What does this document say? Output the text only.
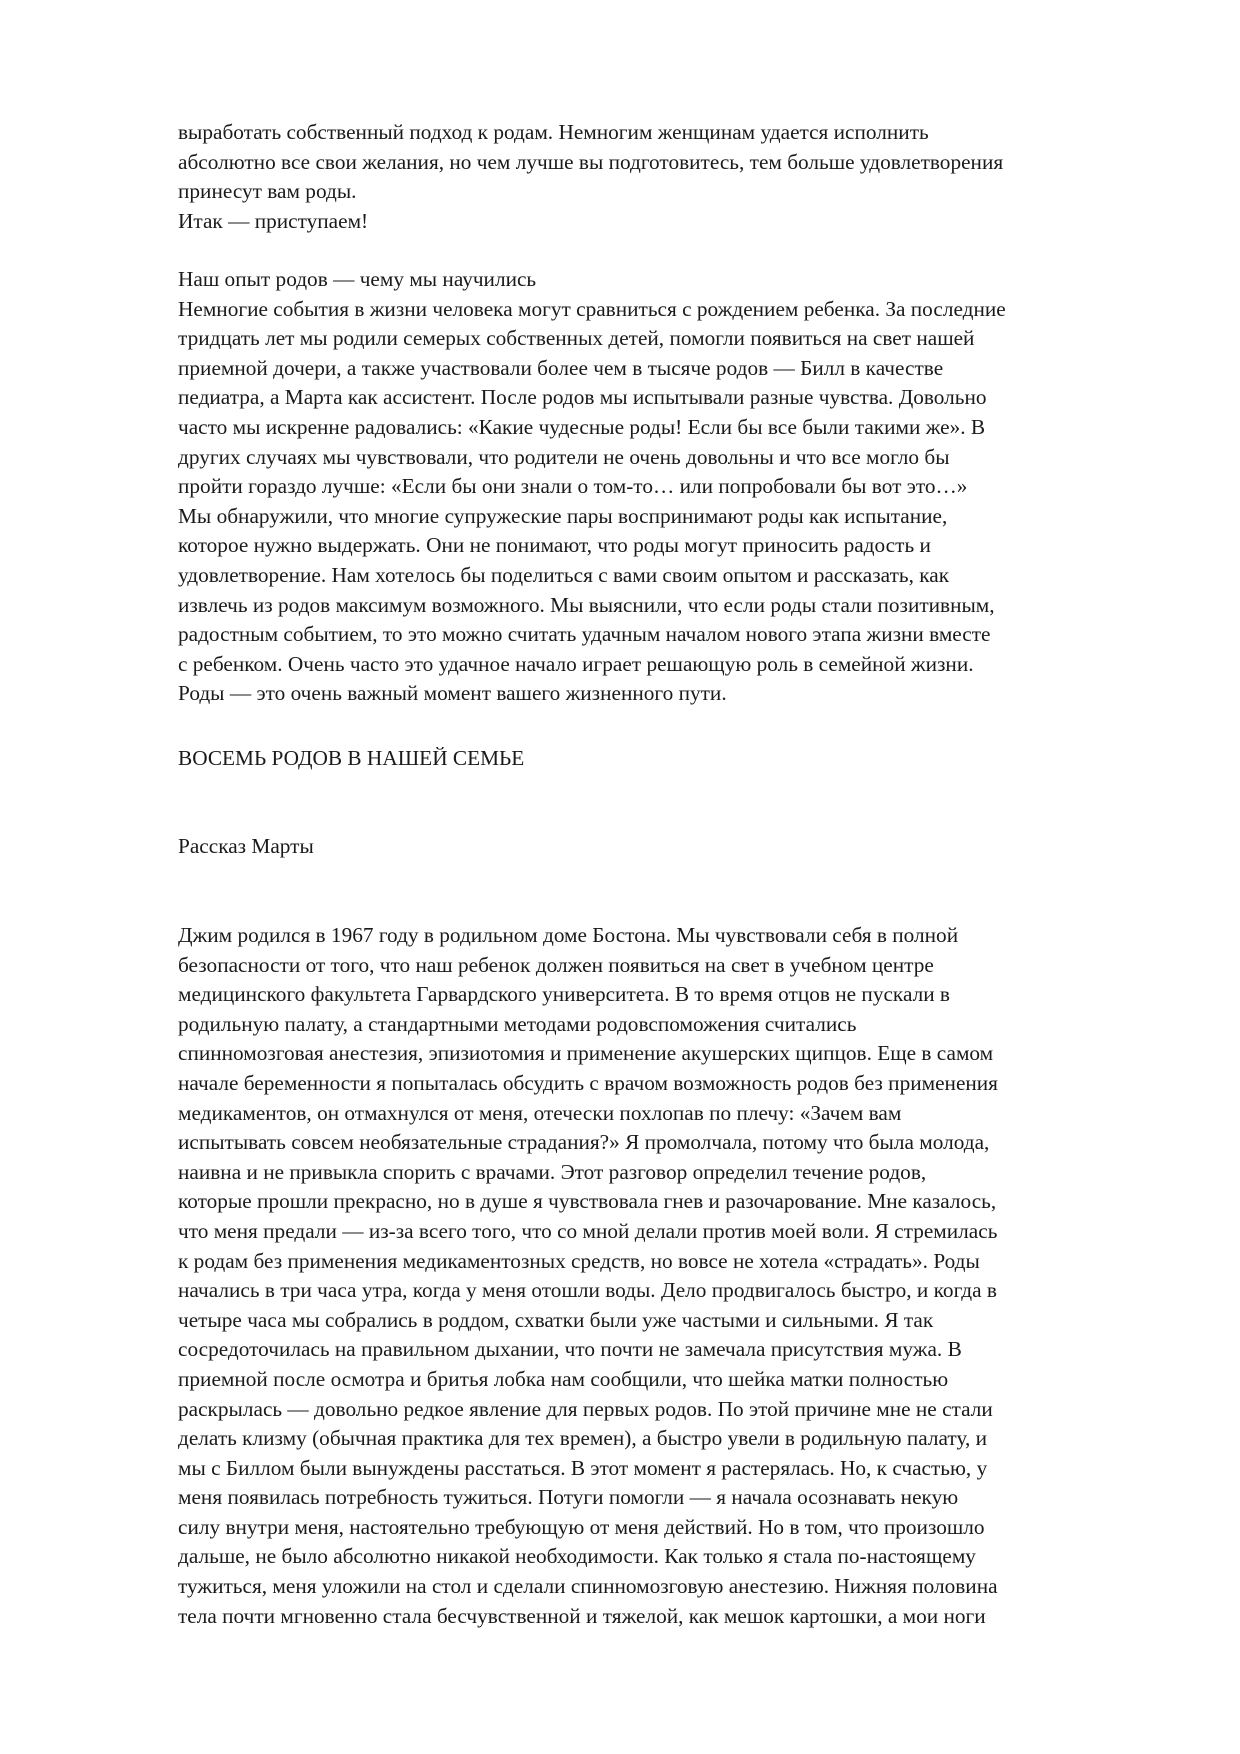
выработать собственный подход к родам. Немногим женщинам удается исполнить
абсолютно все свои желания, но чем лучше вы подготовитесь, тем больше удовлетворения
принесут вам роды.
Итак — приступаем!
Наш опыт родов — чему мы научились
Немногие события в жизни человека могут сравниться с рождением ребенка. За последние
тридцать лет мы родили семерых собственных детей, помогли появиться на свет нашей
приемной дочери, а также участвовали более чем в тысяче родов — Билл в качестве
педиатра, а Марта как ассистент. После родов мы испытывали разные чувства. Довольно
часто мы искренне радовались: «Какие чудесные роды! Если бы все были такими же». В
других случаях мы чувствовали, что родители не очень довольны и что все могло бы
пройти гораздо лучше: «Если бы они знали о том-то… или попробовали бы вот это…»
Мы обнаружили, что многие супружеские пары воспринимают роды как испытание,
которое нужно выдержать. Они не понимают, что роды могут приносить радость и
удовлетворение. Нам хотелось бы поделиться с вами своим опытом и рассказать, как
извлечь из родов максимум возможного. Мы выяснили, что если роды стали позитивным,
радостным событием, то это можно считать удачным началом нового этапа жизни вместе
с ребенком. Очень часто это удачное начало играет решающую роль в семейной жизни.
Роды — это очень важный момент вашего жизненного пути.
ВОСЕМЬ РОДОВ В НАШЕЙ СЕМЬЕ
Рассказ Марты
Джим родился в 1967 году в родильном доме Бостона. Мы чувствовали себя в полной
безопасности от того, что наш ребенок должен появиться на свет в учебном центре
медицинского факультета Гарвардского университета. В то время отцов не пускали в
родильную палату, а стандартными методами родовспоможения считались
спинномозговая анестезия, эпизиотомия и применение акушерских щипцов. Еще в самом
начале беременности я попыталась обсудить с врачом возможность родов без применения
медикаментов, он отмахнулся от меня, отечески похлопав по плечу: «Зачем вам
испытывать совсем необязательные страдания?» Я промолчала, потому что была молода,
наивна и не привыкла спорить с врачами. Этот разговор определил течение родов,
которые прошли прекрасно, но в душе я чувствовала гнев и разочарование. Мне казалось,
что меня предали — из-за всего того, что со мной делали против моей воли. Я стремилась
к родам без применения медикаментозных средств, но вовсе не хотела «страдать». Роды
начались в три часа утра, когда у меня отошли воды. Дело продвигалось быстро, и когда в
четыре часа мы собрались в роддом, схватки были уже частыми и сильными. Я так
сосредоточилась на правильном дыхании, что почти не замечала присутствия мужа. В
приемной после осмотра и бритья лобка нам сообщили, что шейка матки полностью
раскрылась — довольно редкое явление для первых родов. По этой причине мне не стали
делать клизму (обычная практика для тех времен), а быстро увели в родильную палату, и
мы с Биллом были вынуждены расстаться. В этот момент я растерялась. Но, к счастью, у
меня появилась потребность тужиться. Потуги помогли — я начала осознавать некую
силу внутри меня, настоятельно требующую от меня действий. Но в том, что произошло
дальше, не было абсолютно никакой необходимости. Как только я стала по-настоящему
тужиться, меня уложили на стол и сделали спинномозговую анестезию. Нижняя половина
тела почти мгновенно стала бесчувственной и тяжелой, как мешок картошки, а мои ноги
